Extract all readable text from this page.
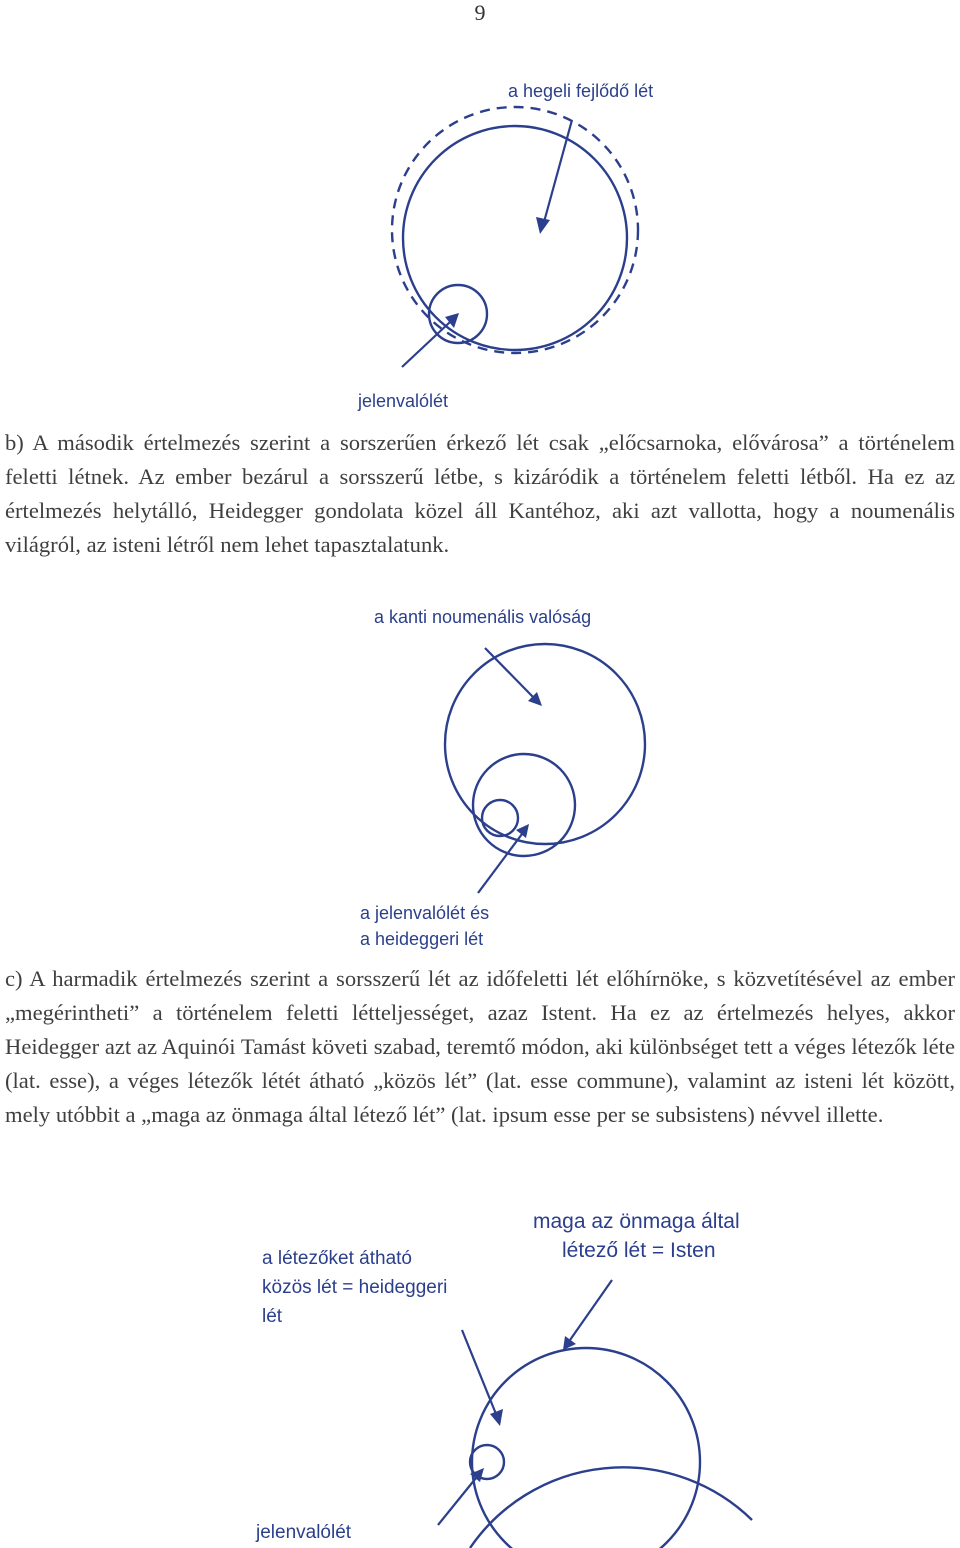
9
a hegeli fejlődő lét
jelenvalólét
b) A második értelmezés szerint a sorszerűen érkező lét csak „előcsarnoka, elővárosa” a történelem feletti létnek. Az ember bezárul a sorsszerű létbe, s kizáródik a történelem feletti létből. Ha ez az értelmezés helytálló, Heidegger gondolata közel áll Kantéhoz, aki azt vallotta, hogy a noumenális világról, az isteni létről nem lehet tapasztalatunk.
a kanti noumenális valóság
a jelenvalólét és
a heideggeri lét
c) A harmadik értelmezés szerint a sorsszerű lét az időfeletti lét előhírnöke, s közvetítésével az ember „megérintheti” a történelem feletti létteljességet, azaz Istent. Ha ez az értelmezés helyes, akkor Heidegger azt az Aquinói Tamást követi szabad, teremtő módon, aki különbséget tett a véges létezők léte (lat. esse), a véges létezők létét átható „közös lét” (lat. esse commune), valamint az isteni lét között, mely utóbbit a „maga az önmaga által létező lét” (lat. ipsum esse per se subsistens) névvel illette.
maga az önmaga által
létező lét = Isten
a létezőket átható
közös lét = heideggeri
lét
jelenvalólét
